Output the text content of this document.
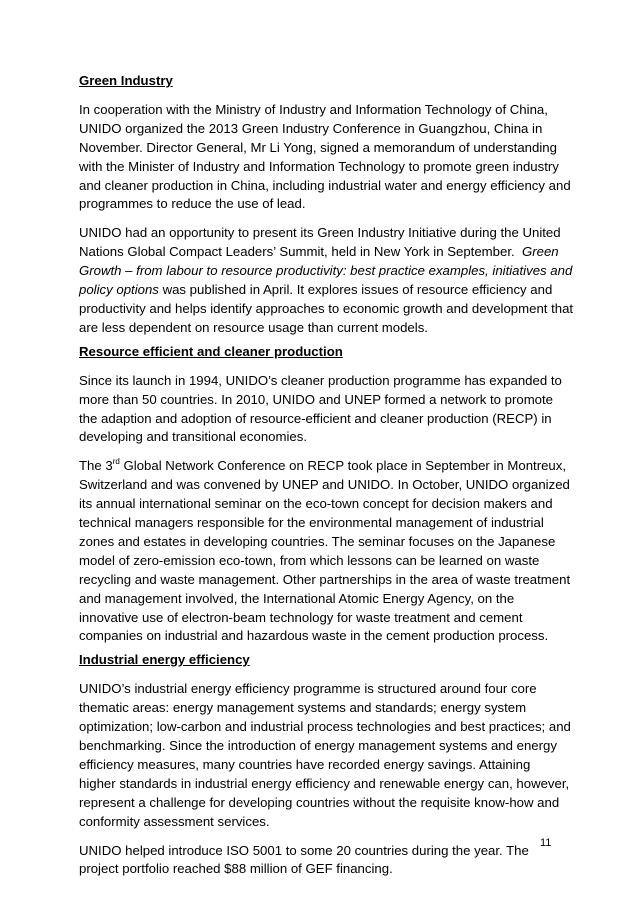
Green Industry
In cooperation with the Ministry of Industry and Information Technology of China,
UNIDO organized the 2013 Green Industry Conference in Guangzhou, China in
November. Director General, Mr Li Yong, signed a memorandum of understanding
with the Minister of Industry and Information Technology to promote green industry
and cleaner production in China, including industrial water and energy efficiency and
programmes to reduce the use of lead.
UNIDO had an opportunity to present its Green Industry Initiative during the United
Nations Global Compact Leaders’ Summit, held in New York in September. Green
Growth – from labour to resource productivity: best practice examples, initiatives and
policy options was published in April. It explores issues of resource efficiency and
productivity and helps identify approaches to economic growth and development that
are less dependent on resource usage than current models.
Resource efficient and cleaner production
Since its launch in 1994, UNIDO’s cleaner production programme has expanded to
more than 50 countries. In 2010, UNIDO and UNEP formed a network to promote
the adaption and adoption of resource-efficient and cleaner production (RECP) in
developing and transitional economies.
The 3rd Global Network Conference on RECP took place in September in Montreux,
Switzerland and was convened by UNEP and UNIDO. In October, UNIDO organized
its annual international seminar on the eco-town concept for decision makers and
technical managers responsible for the environmental management of industrial
zones and estates in developing countries. The seminar focuses on the Japanese
model of zero-emission eco-town, from which lessons can be learned on waste
recycling and waste management. Other partnerships in the area of waste treatment
and management involved, the International Atomic Energy Agency, on the
innovative use of electron-beam technology for waste treatment and cement
companies on industrial and hazardous waste in the cement production process.
Industrial energy efficiency
UNIDO’s industrial energy efficiency programme is structured around four core
thematic areas: energy management systems and standards; energy system
optimization; low-carbon and industrial process technologies and best practices; and
benchmarking. Since the introduction of energy management systems and energy
efficiency measures, many countries have recorded energy savings. Attaining
higher standards in industrial energy efficiency and renewable energy can, however,
represent a challenge for developing countries without the requisite know-how and
conformity assessment services.
UNIDO helped introduce ISO 5001 to some 20 countries during the year. The
project portfolio reached $88 million of GEF financing.
11
